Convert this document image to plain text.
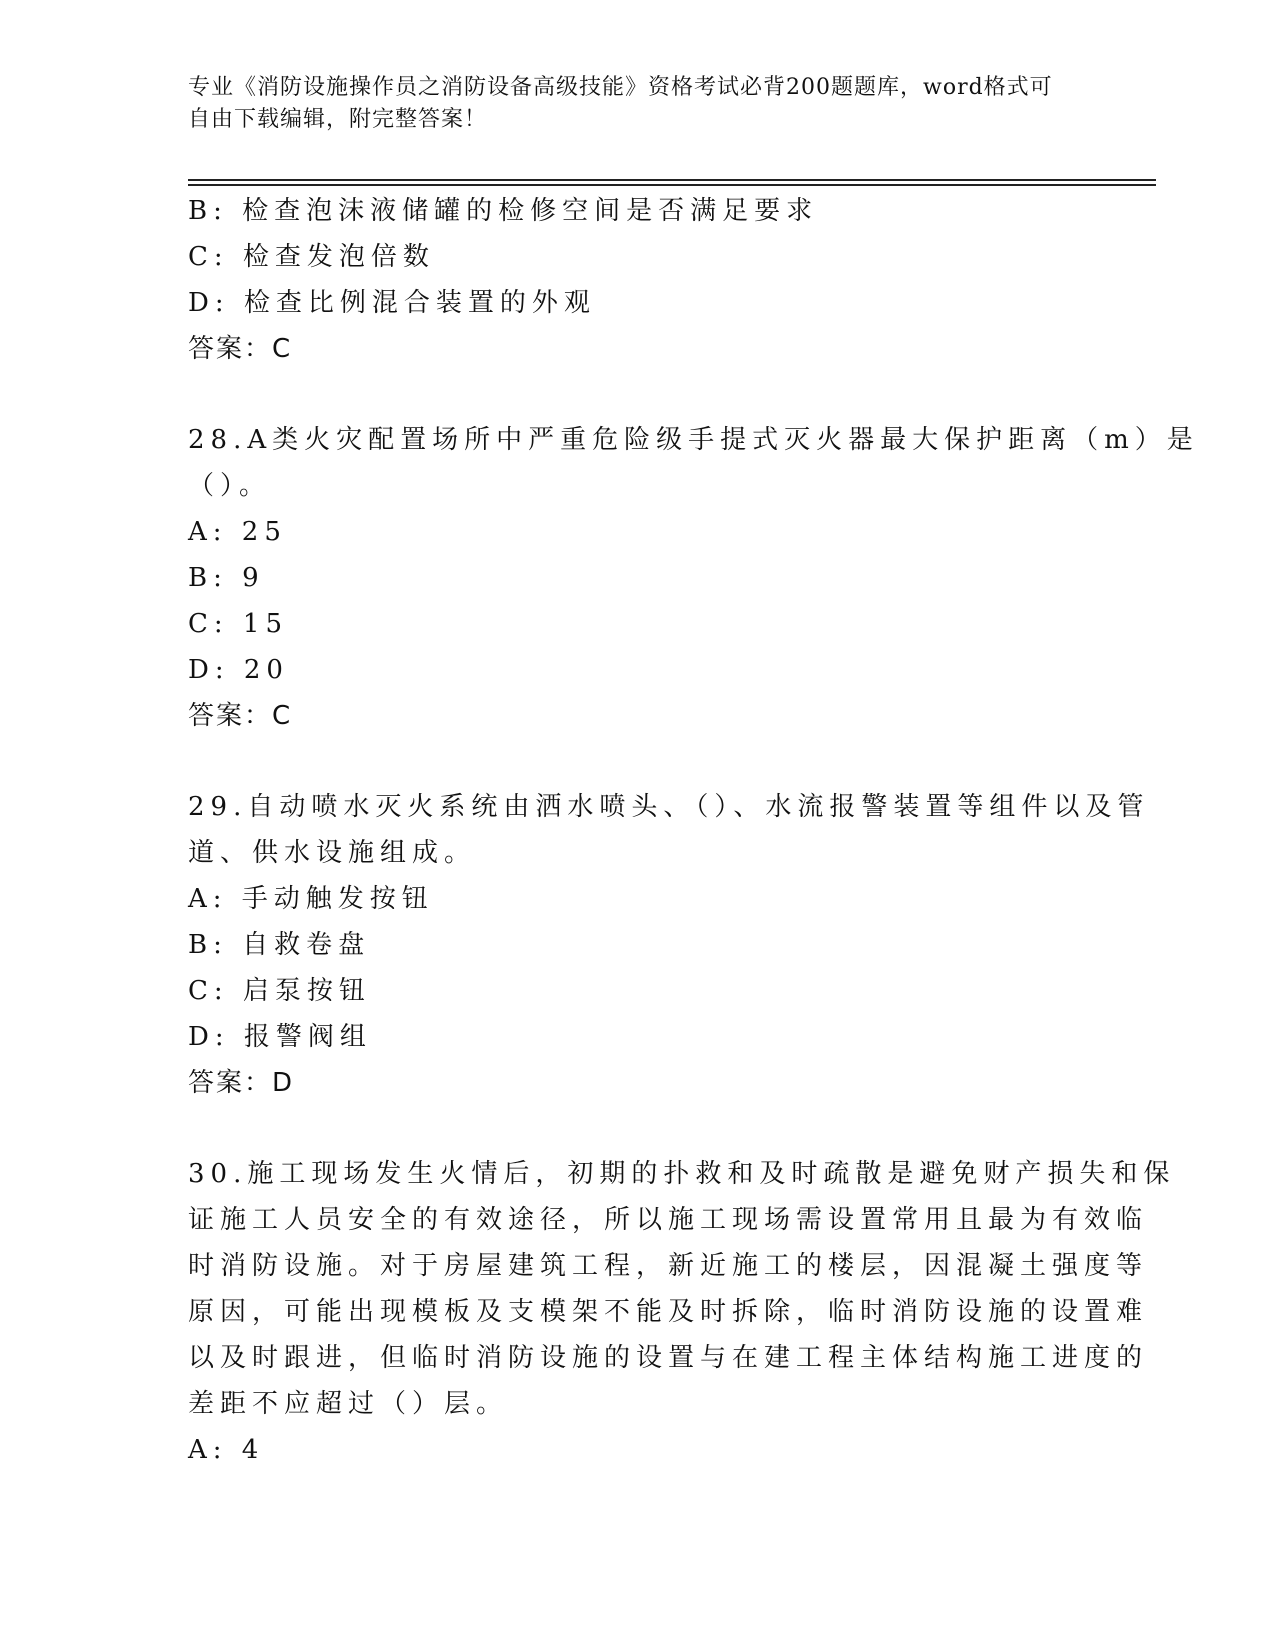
专业《消防设施操作员之消防设备高级技能》资格考试必背200题题库，word格式可自由下载编辑，附完整答案！
B: 检查泡沫液储罐的检修空间是否满足要求
C: 检查发泡倍数
D: 检查比例混合装置的外观
答案：C
28.A类火灾配置场所中严重危险级手提式灭火器最大保护距离（m）是
（）。
A: 25
B: 9
C: 15
D: 20
答案：C
29.自动喷水灭火系统由洒水喷头、（）、水流报警装置等组件以及管
道、供水设施组成。
A: 手动触发按钮
B: 自救卷盘
C: 启泵按钮
D: 报警阀组
答案：D
30.施工现场发生火情后，初期的扑救和及时疏散是避免财产损失和保
证施工人员安全的有效途径，所以施工现场需设置常用且最为有效临
时消防设施。对于房屋建筑工程，新近施工的楼层，因混凝土强度等
原因，可能出现模板及支模架不能及时拆除，临时消防设施的设置难
以及时跟进，但临时消防设施的设置与在建工程主体结构施工进度的
差距不应超过（）层。
A: 4
